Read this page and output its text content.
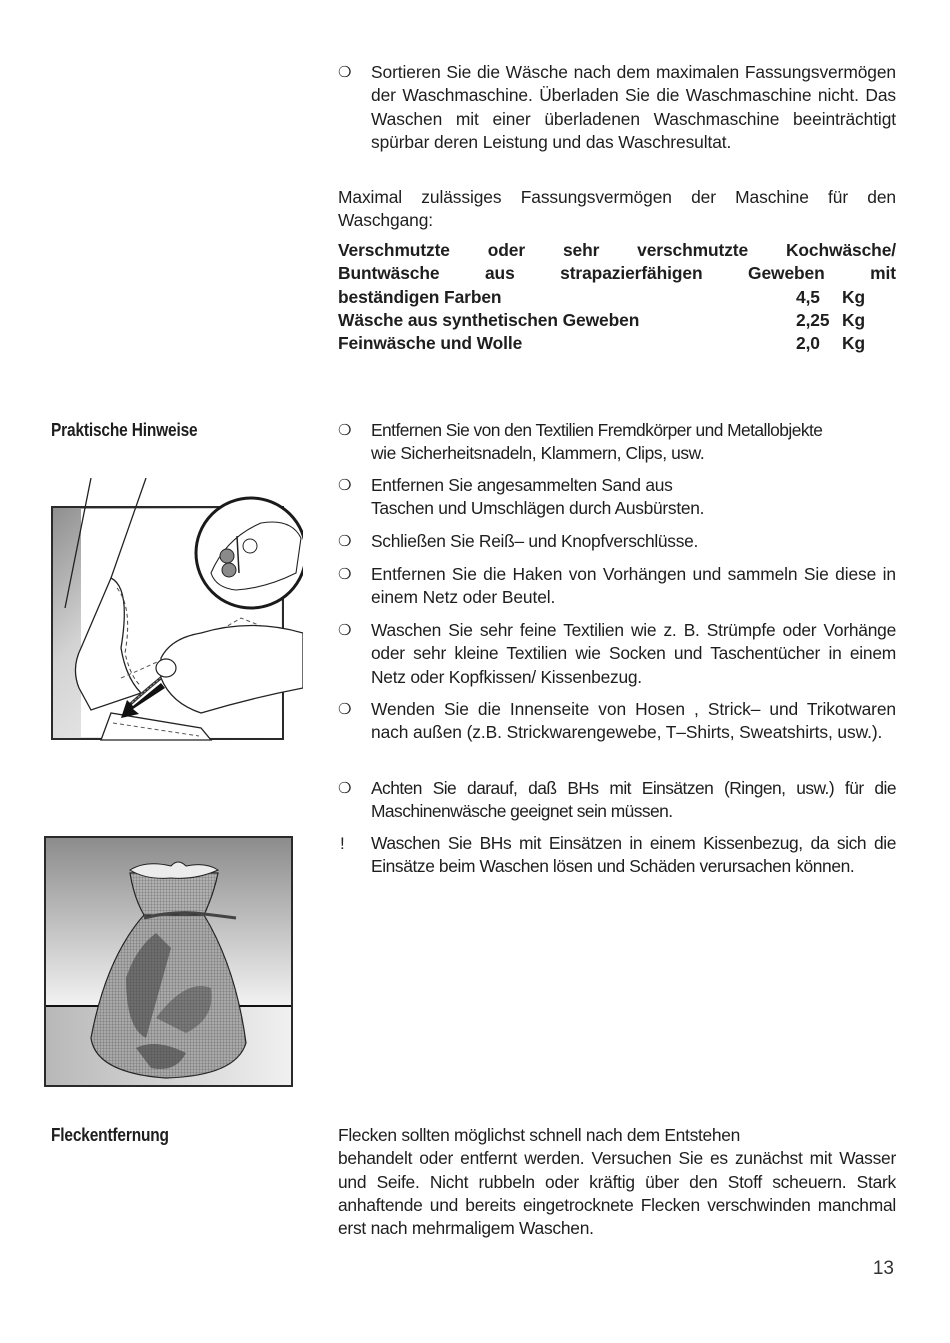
❍	Sortieren Sie die Wäsche nach dem maximalen Fassungsvermögen der Waschmaschine. Überladen Sie die Waschmaschine nicht. Das Waschen mit einer überladenen Waschmaschine beeinträchtigt spürbar deren Leistung und das Waschresultat.
Maximal zulässiges Fassungsvermögen der Maschine für den Waschgang:
Verschmutzte oder sehr verschmutzte Kochwäsche/
Buntwäsche	aus	strapazierfähigen	Geweben	mit
beständigen Farben	4,5	Kg
Wäsche aus synthetischen Geweben	2,25 Kg
Feinwäsche und Wolle	2,0	Kg
Praktische Hinweise	❍	Entfernen Sie von den Textilien Fremdkörper und Metallobjekte
wie Sicherheitsnadeln, Klammern, Clips, usw.
❍	Entfernen Sie angesammelten Sand aus
Taschen und Umschlägen durch Ausbürsten.
❍	Schließen Sie Reiß– und Knopfverschlüsse.
❍	Entfernen Sie die Haken von Vorhängen und sammeln Sie diese in einem Netz oder Beutel.
❍	Waschen Sie sehr feine Textilien wie z. B. Strümpfe oder Vorhänge oder sehr kleine Textilien wie Socken und Taschentücher in einem Netz oder Kopfkissen/ Kissenbezug.
❍	Wenden Sie die Innenseite von Hosen , Strick– und Trikotwaren nach außen (z.B. Strickwarengewebe, T–Shirts, Sweatshirts, usw.).
❍	Achten Sie darauf, daß BHs mit Einsätzen (Ringen, usw.) für die Maschinenwäsche geeignet sein müssen.
!	Waschen Sie BHs mit Einsätzen in einem Kissenbezug, da sich die Einsätze beim Waschen lösen und Schäden verursachen können.
Fleckentfernung	Flecken sollten möglichst schnell nach dem Entstehen
behandelt oder entfernt werden. Versuchen Sie es zunächst mit Wasser und Seife. Nicht rubbeln oder kräftig über den Stoff scheuern. Stark anhaftende und bereits eingetrocknete Flecken verschwinden manchmal erst nach mehrmaligem Waschen.
13
